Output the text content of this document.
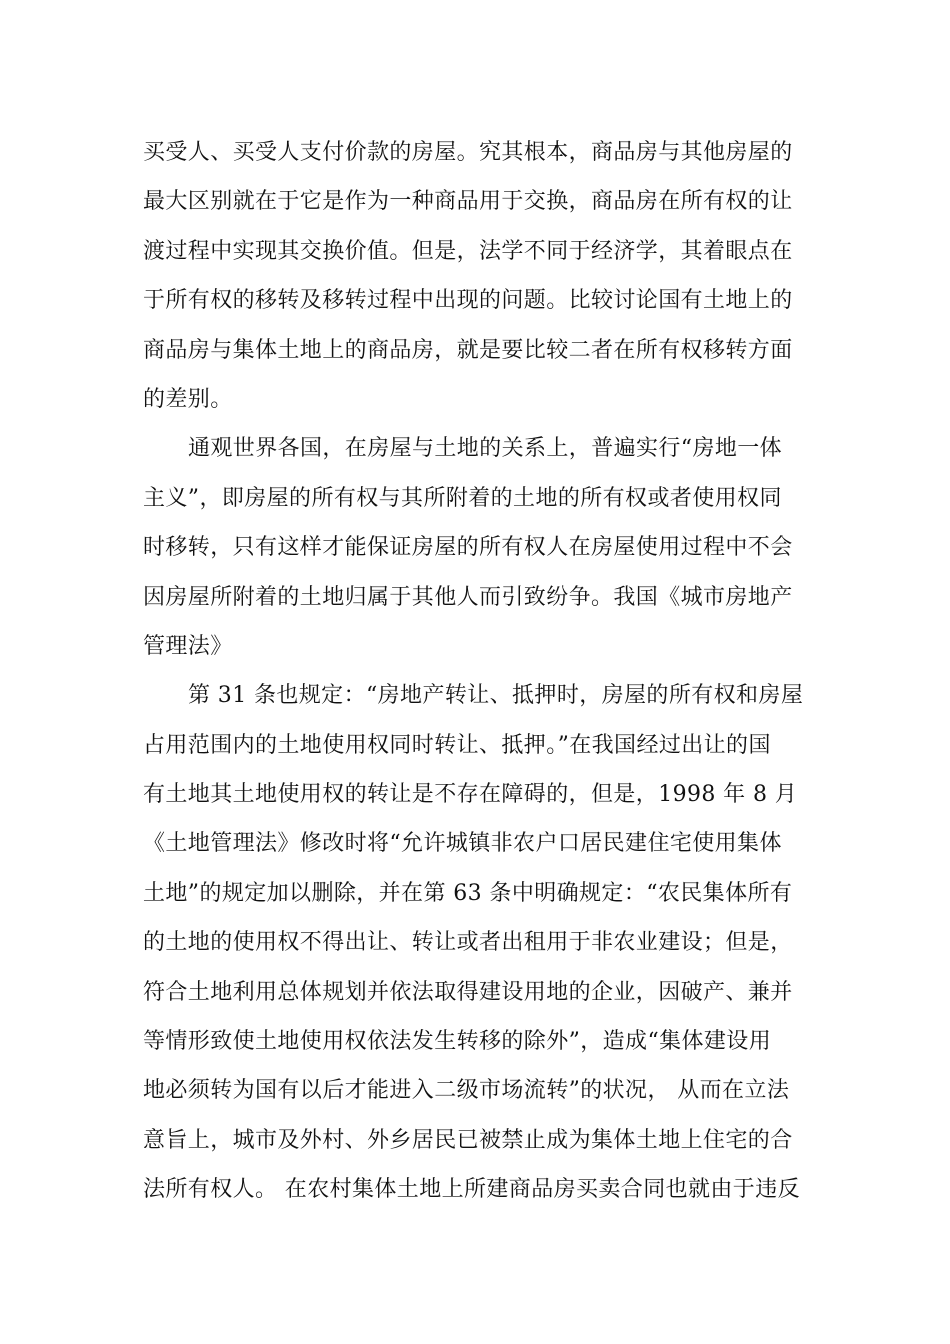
买受人、买受人支付价款的房屋。究其根本，商品房与其他房屋的
最大区别就在于它是作为一种商品用于交换，商品房在所有权的让
渡过程中实现其交换价值。但是，法学不同于经济学，其着眼点在
于所有权的移转及移转过程中出现的问题。比较讨论国有土地上的
商品房与集体土地上的商品房，就是要比较二者在所有权移转方面
的差别。
通观世界各国，在房屋与土地的关系上，普遍实行“房地一体
主义”，即房屋的所有权与其所附着的土地的所有权或者使用权同
时移转，只有这样才能保证房屋的所有权人在房屋使用过程中不会
因房屋所附着的土地归属于其他人而引致纷争。我国《城市房地产
管理法》
第 31 条也规定：“房地产转让、抵押时，房屋的所有权和房屋
占用范围内的土地使用权同时转让、抵押。”在我国经过出让的国
有土地其土地使用权的转让是不存在障碍的，但是，1998 年 8 月
《土地管理法》修改时将“允许城镇非农户口居民建住宅使用集体
土地”的规定加以删除，并在第 63 条中明确规定：“农民集体所有
的土地的使用权不得出让、转让或者出租用于非农业建设；但是，
符合土地利用总体规划并依法取得建设用地的企业，因破产、兼并
等情形致使土地使用权依法发生转移的除外”，造成“集体建设用
地必须转为国有以后才能进入二级市场流转”的状况， 从而在立法
意旨上，城市及外村、外乡居民已被禁止成为集体土地上住宅的合
法所有权人。 在农村集体土地上所建商品房买卖合同也就由于违反
